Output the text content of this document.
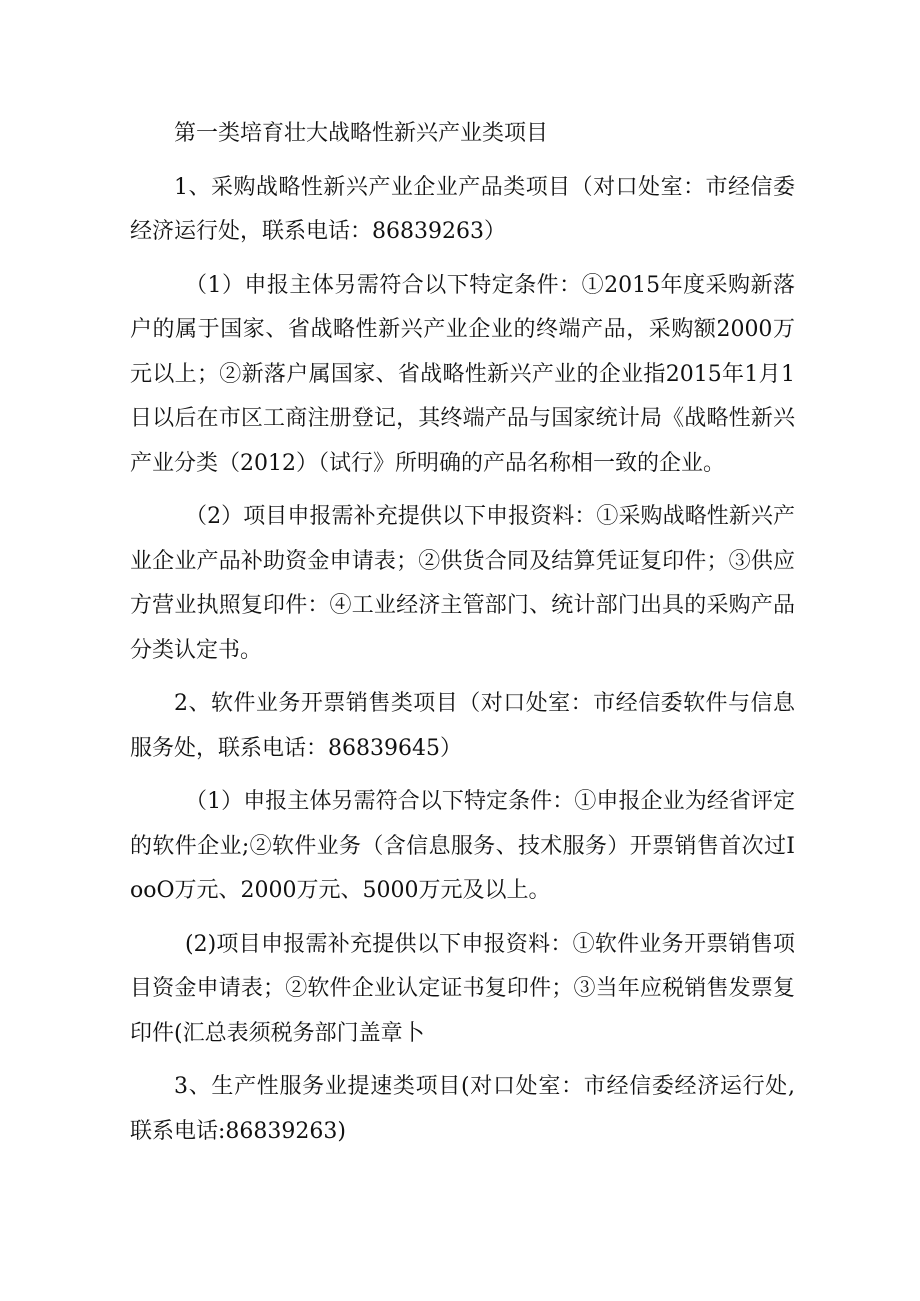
第一类培育壮大战略性新兴产业类项目

1、采购战略性新兴产业企业产品类项目（对口处室：市经信委经济运行处，联系电话：86839263）

（1）申报主体另需符合以下特定条件：①2015年度采购新落户的属于国家、省战略性新兴产业企业的终端产品，采购额2000万元以上；②新落户属国家、省战略性新兴产业的企业指2015年1月1日以后在市区工商注册登记，其终端产品与国家统计局《战略性新兴产业分类（2012）（试行》所明确的产品名称相一致的企业。

（2）项目申报需补充提供以下申报资料：①采购战略性新兴产业企业产品补助资金申请表；②供货合同及结算凭证复印件；③供应方营业执照复印件：④工业经济主管部门、统计部门出具的采购产品分类认定书。

2、软件业务开票销售类项目（对口处室：市经信委软件与信息服务处，联系电话：86839645）

（1）申报主体另需符合以下特定条件：①申报企业为经省评定的软件企业;②软件业务（含信息服务、技术服务）开票销售首次过IooO万元、2000万元、5000万元及以上。

(2)项目申报需补充提供以下申报资料：①软件业务开票销售项目资金申请表；②软件企业认定证书复印件；③当年应税销售发票复印件(汇总表须税务部门盖章卜

3、生产性服务业提速类项目(对口处室：市经信委经济运行处,联系电话:86839263)
